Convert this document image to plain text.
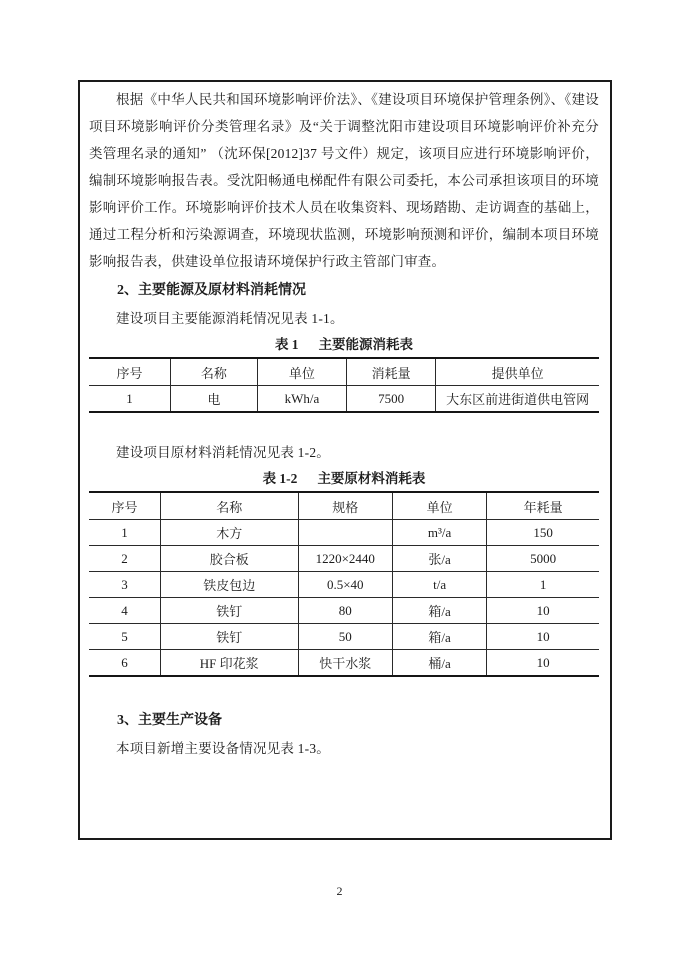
根据《中华人民共和国环境影响评价法》、《建设项目环境保护管理条例》、《建设项目环境影响评价分类管理名录》及“关于调整沈阳市建设项目环境影响评价补充分类管理名录的通知” （沈环保[2012]37 号文件）规定，该项目应进行环境影响评价，编制环境影响报告表。受沈阳畅通电梯配件有限公司委托，本公司承担该项目的环境影响评价工作。环境影响评价技术人员在收集资料、现场踏勘、走访调查的基础上，通过工程分析和污染源调查，环境现状监测，环境影响预测和评价，编制本项目环境影响报告表，供建设单位报请环境保护行政主管部门审查。

2、主要能源及原材料消耗情况

建设项目主要能源消耗情况见表 1-1。

表 1 主要能源消耗表

序号	名称	单位	消耗量	提供单位
1	电	kWh/a	7500	大东区前进街道供电管网

建设项目原材料消耗情况见表 1-2。

表 1-2 主要原材料消耗表

序号	名称	规格	单位	年耗量
1	木方		m³/a	150
2	胶合板	1220×2440	张/a	5000
3	铁皮包边	0.5×40	t/a	1
4	铁钉	80	箱/a	10
5	铁钉	50	箱/a	10
6	HF 印花浆	快干水浆	桶/a	10

3、主要生产设备

本项目新增主要设备情况见表 1-3。

2
